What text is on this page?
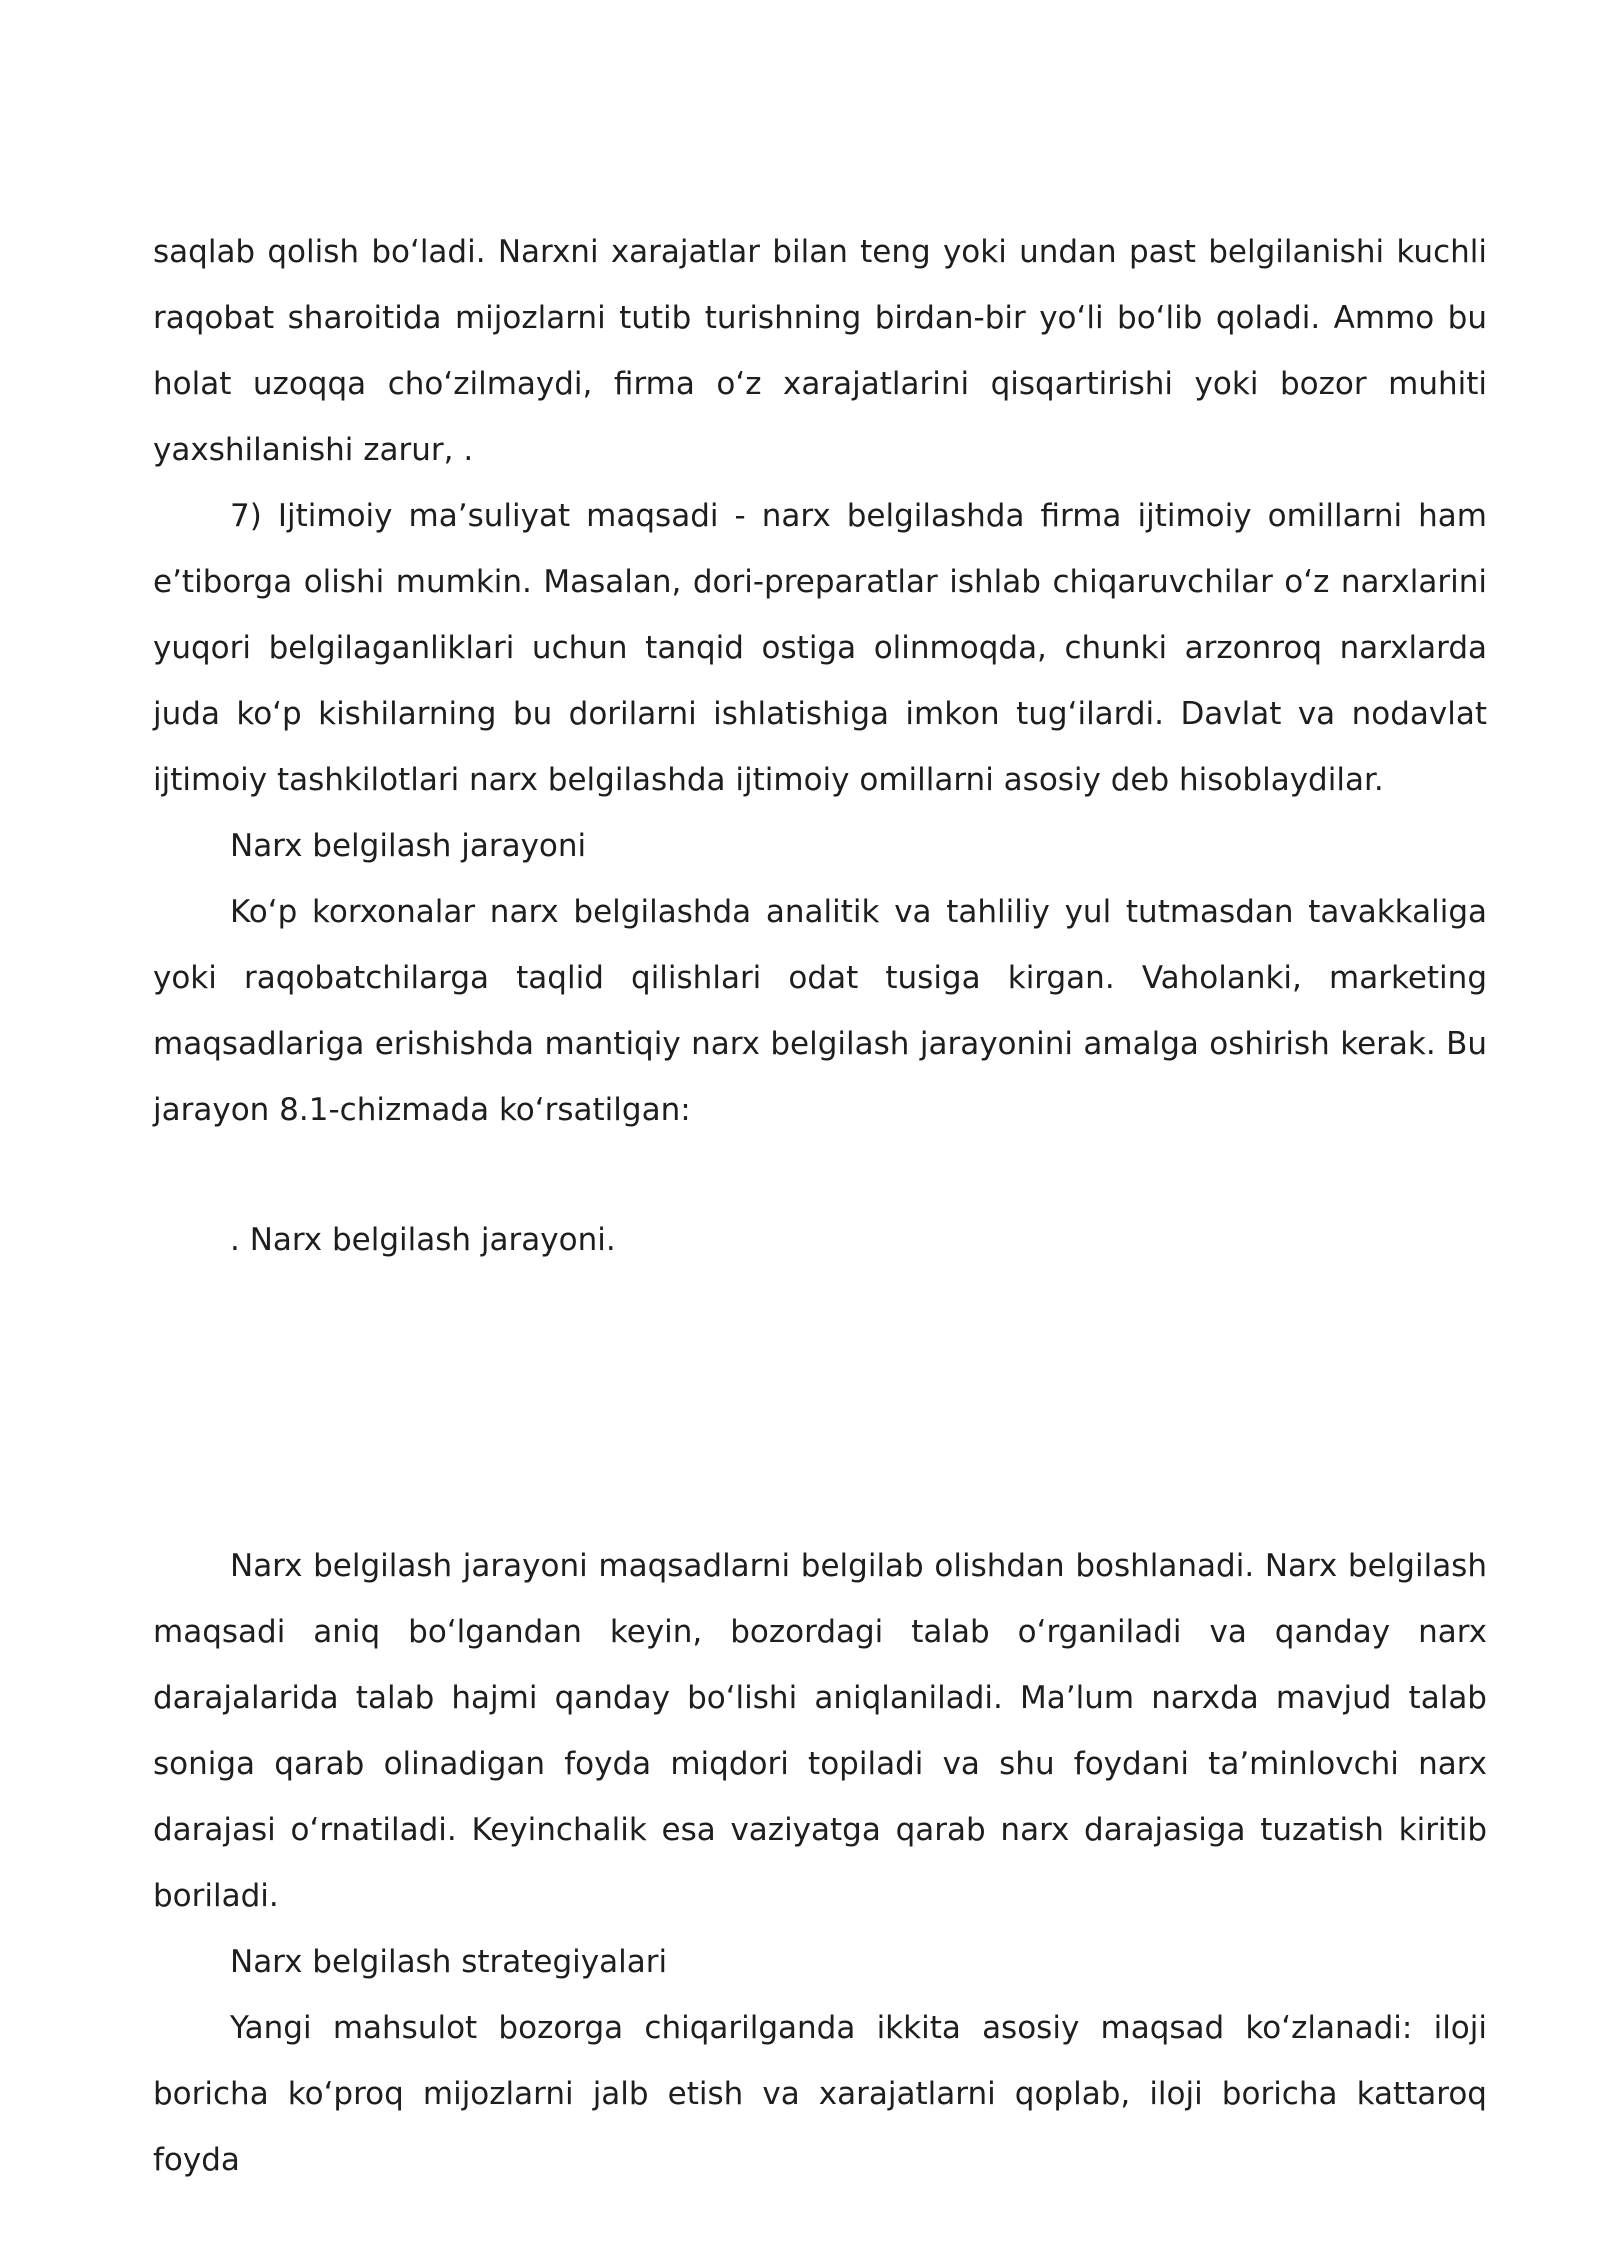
saqlab qolish bo‘ladi. Narxni xarajatlar bilan teng yoki undan past belgilanishi kuchli raqobat sharoitida mijozlarni tutib turishning birdan-bir yo‘li bo‘lib qoladi. Ammo bu holat uzoqqa cho‘zilmaydi, firma o‘z xarajatlarini qisqartirishi yoki bozor muhiti yaxshilanishi zarur, .

7) Ijtimoiy ma’suliyat maqsadi - narx belgilashda firma ijtimoiy omillarni ham e’tiborga olishi mumkin. Masalan, dori-preparatlar ishlab chiqaruvchilar o‘z narxlarini yuqori belgilaganliklari uchun tanqid ostiga olinmoqda, chunki arzonroq narxlarda juda ko‘p kishilarning bu dorilarni ishlatishiga imkon tug‘ilardi. Davlat va nodavlat ijtimoiy tashkilotlari narx belgilashda ijtimoiy omillarni asosiy deb hisoblaydilar.

Narx belgilash jarayoni

Ko‘p korxonalar narx belgilashda analitik va tahliliy yul tutmasdan tavakkaliga yoki raqobatchilarga taqlid qilishlari odat tusiga kirgan. Vaholanki, marketing maqsadlariga erishishda mantiqiy narx belgilash jarayonini amalga oshirish kerak. Bu jarayon 8.1-chizmada ko‘rsatilgan:

. Narx belgilash jarayoni.

Narx belgilash jarayoni maqsadlarni belgilab olishdan boshlanadi. Narx belgilash maqsadi aniq bo‘lgandan keyin, bozordagi talab o‘rganiladi va qanday narx darajalarida talab hajmi qanday bo‘lishi aniqlaniladi. Ma’lum narxda mavjud talab soniga qarab olinadigan foyda miqdori topiladi va shu foydani ta’minlovchi narx darajasi o‘rnatiladi. Keyinchalik esa vaziyatga qarab narx darajasiga tuzatish kiritib boriladi.

Narx belgilash strategiyalari

Yangi mahsulot bozorga chiqarilganda ikkita asosiy maqsad ko‘zlanadi: iloji boricha ko‘proq mijozlarni jalb etish va xarajatlarni qoplab, iloji boricha kattaroq foyda
